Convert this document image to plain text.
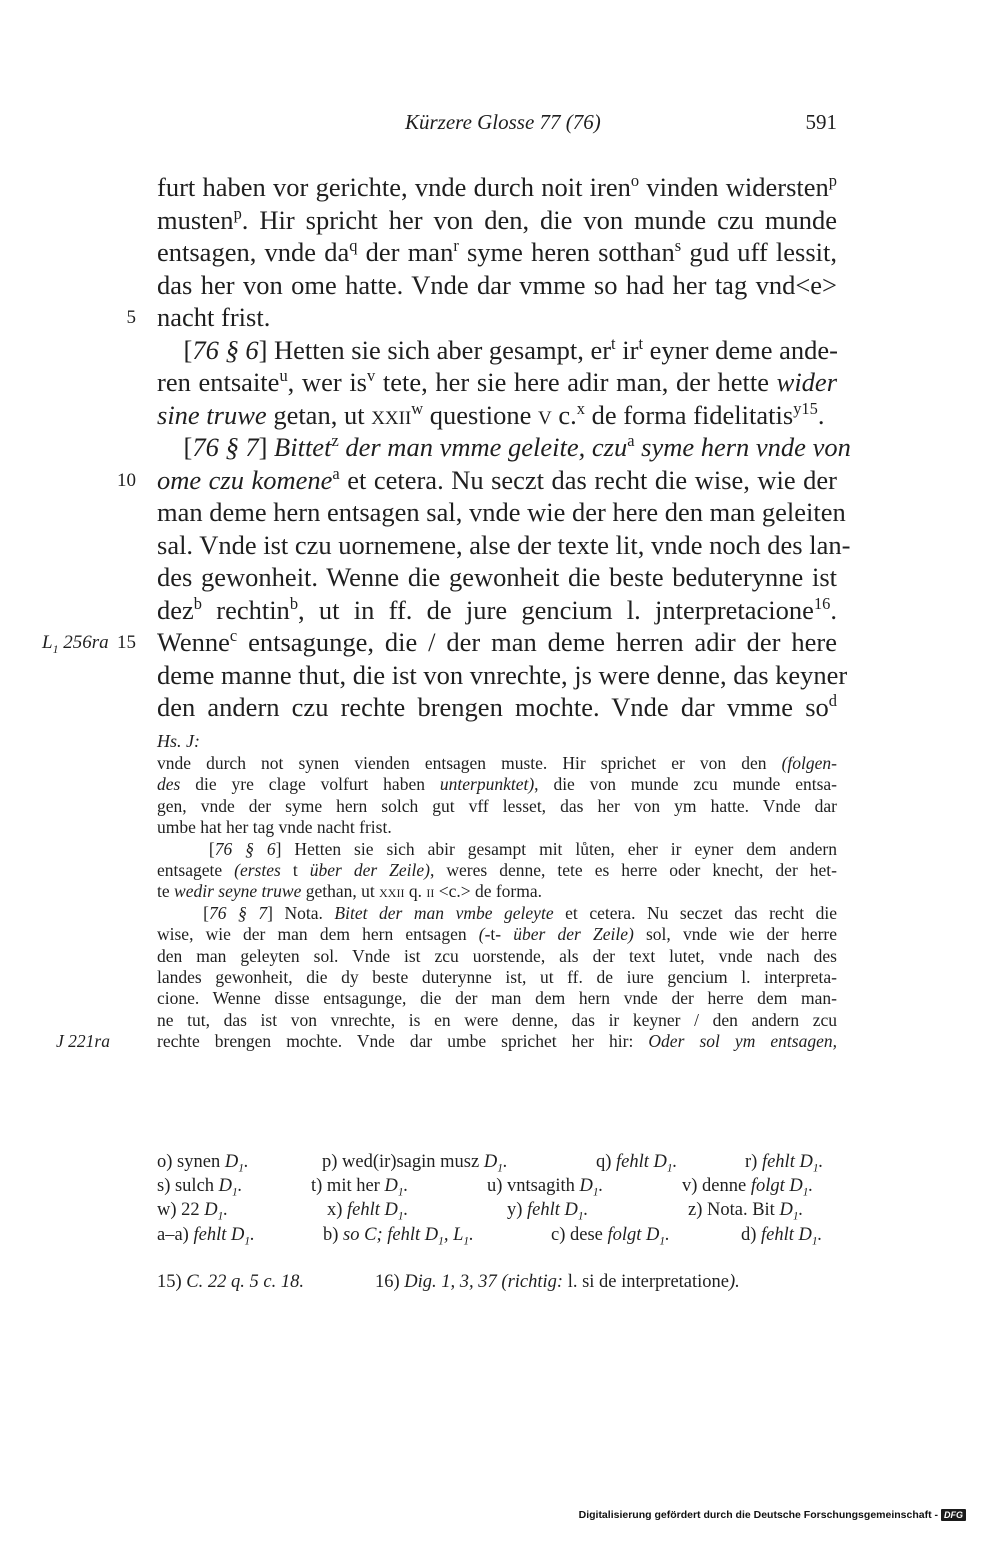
Kürzere Glosse 77 (76)	591
furt haben vor gerichte, vnde durch noit iren$^o$ vinden widersten$^p$
musten$^p$. Hir spricht her von den, die von munde czu munde
entsagen, vnde $da^q$ der man$^r$ syme heren sotthan$^s$ gud uff lessit,
das her von ome hatte. Vnde dar vmme so had her tag vnd<e>
nacht frist.
[76 § 6] Hetten sie sich aber gesampt, $er^t$ $ir^t$ eyner deme ande-
ren entsaite$^u$, wer $is^v$ tete, her sie here adir man, der hette wider
sine truwe getan, ut xxii$^w$ questione v c.$^x$ de forma fidelitatis$^{y15}$.
[76 § 7] Bittet$^z$ der man vmme geleite, czu$^a$ syme hern vnde von
ome czu komene$^a$ et cetera. Nu seczt das recht die wise, wie der
man deme hern entsagen sal, vnde wie der here den man geleiten
sal. Vnde ist czu uornemene, alse der texte lit, vnde noch des lan-
des gewonheit. Wenne die gewonheit die beste beduterynne ist
dez$^b$ rechtin$^b$, ut in ff. de jure gencium l. jnterpretacione$^{16}$.
Wenne$^c$ entsagunge, die / der man deme herren adir der here
deme manne thut, die ist von vnrechte, js were denne, das keyner
den andern czu rechte brengen mochte. Vnde dar vmme $so^d$
5
10
15
$L_1$ 256ra
J 221ra
Hs. J:
vnde durch not synen vienden entsagen muste. Hir sprichet er von den (folgen-
des die yre clage volfurt haben unterpunktet), die von munde zcu munde entsa-
gen, vnde der syme hern solch gut vff lesset, das her von ym hatte. Vnde dar
umbe hat her tag vnde nacht frist.
[76 § 6] Hetten sie sich abir gesampt mit lůten, eher ir eyner dem andern
entsagete (erstes t über der Zeile), weres denne, tete es herre oder knecht, der het-
te wedir seyne truwe gethan, ut xxii q. ii <c.> de forma.
[76 § 7] Nota. Bitet der man vmbe geleyte et cetera. Nu seczet das recht die
wise, wie der man dem hern entsagen (-t- über der Zeile) sol, vnde wie der herre
den man geleyten sol. Vnde ist zcu uorstende, als der text lutet, vnde nach des
landes gewonheit, die dy beste duterynne ist, ut ff. de iure gencium l. interpreta-
cione. Wenne disse entsagunge, die der man dem hern vnde der herre dem man-
ne tut, das ist von vnrechte, is en were denne, das ir keyner / den andern zcu
rechte brengen mochte. Vnde dar umbe sprichet her hir: Oder sol ym entsagen,
o) synen $D_1$.	p) wed(ir)sagin musz $D_1$.	q) fehlt $D_1$.	r) fehlt $D_1$.
s) sulch $D_1$.	t) mit her $D_1$.	u) vntsagith $D_1$.	v) denne folgt $D_1$.
w) 22 $D_1$.	x) fehlt $D_1$.	y) fehlt $D_1$.	z) Nota. Bit $D_1$.
a–a) fehlt $D_1$.	b) so C; fehlt $D_1$, $L_1$.	c) dese folgt $D_1$.	d) fehlt $D_1$.
15) C. 22 q. 5 c. 18.	16) Dig. 1, 3, 37 (richtig: l. si de interpretatione).
Digitalisierung gefördert durch die Deutsche Forschungsgemeinschaft - DFG
